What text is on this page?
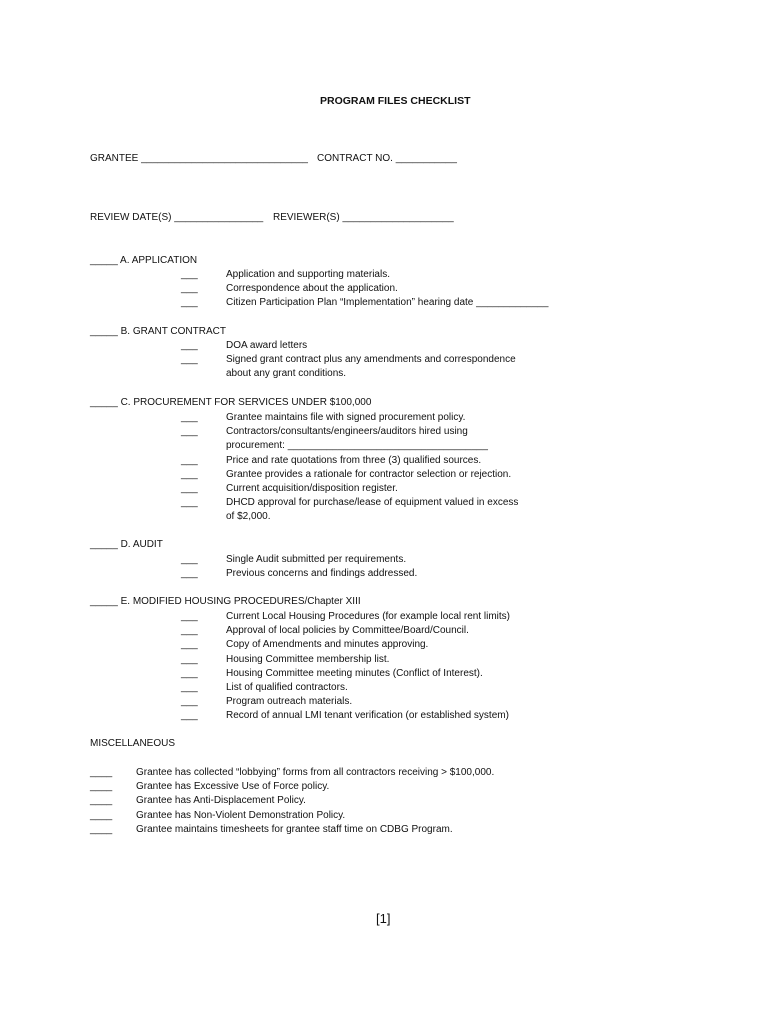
PROGRAM FILES CHECKLIST
GRANTEE ______________________________ CONTRACT NO. ___________
REVIEW DATE(S) ________________ REVIEWER(S) ____________________
_____ A. APPLICATION
___
___
___
Application and supporting materials.
Correspondence about the application.
Citizen Participation Plan “Implementation” hearing date _____________
_____ B. GRANT CONTRACT
___
___
DOA award letters
Signed grant contract plus any amendments and correspondence
about any grant conditions.
_____ C. PROCUREMENT FOR SERVICES UNDER $100,000
___
___

___
___
___
___
Grantee maintains file with signed procurement policy.
Contractors/consultants/engineers/auditors hired using
procurement: ____________________________________
Price and rate quotations from three (3) qualified sources.
Grantee provides a rationale for contractor selection or rejection.
Current acquisition/disposition register.
DHCD approval for purchase/lease of equipment valued in excess
of $2,000.
_____ D. AUDIT
___
___
Single Audit submitted per requirements.
Previous concerns and findings addressed.
_____ E. MODIFIED HOUSING PROCEDURES/Chapter XIII
___
___
___
___
___
___
___
___
Current Local Housing Procedures (for example local rent limits)
Approval of local policies by Committee/Board/Council.
Copy of Amendments and minutes approving.
Housing Committee membership list.
Housing Committee meeting minutes (Conflict of Interest).
List of qualified contractors.
Program outreach materials.
Record of annual LMI tenant verification (or established system)
MISCELLANEOUS
____
____
____
____
____
Grantee has collected “lobbying” forms from all contractors receiving > $100,000.
Grantee has Excessive Use of Force policy.
Grantee has Anti-Displacement Policy.
Grantee has Non-Violent Demonstration Policy.
Grantee maintains timesheets for grantee staff time on CDBG Program.
[1]
